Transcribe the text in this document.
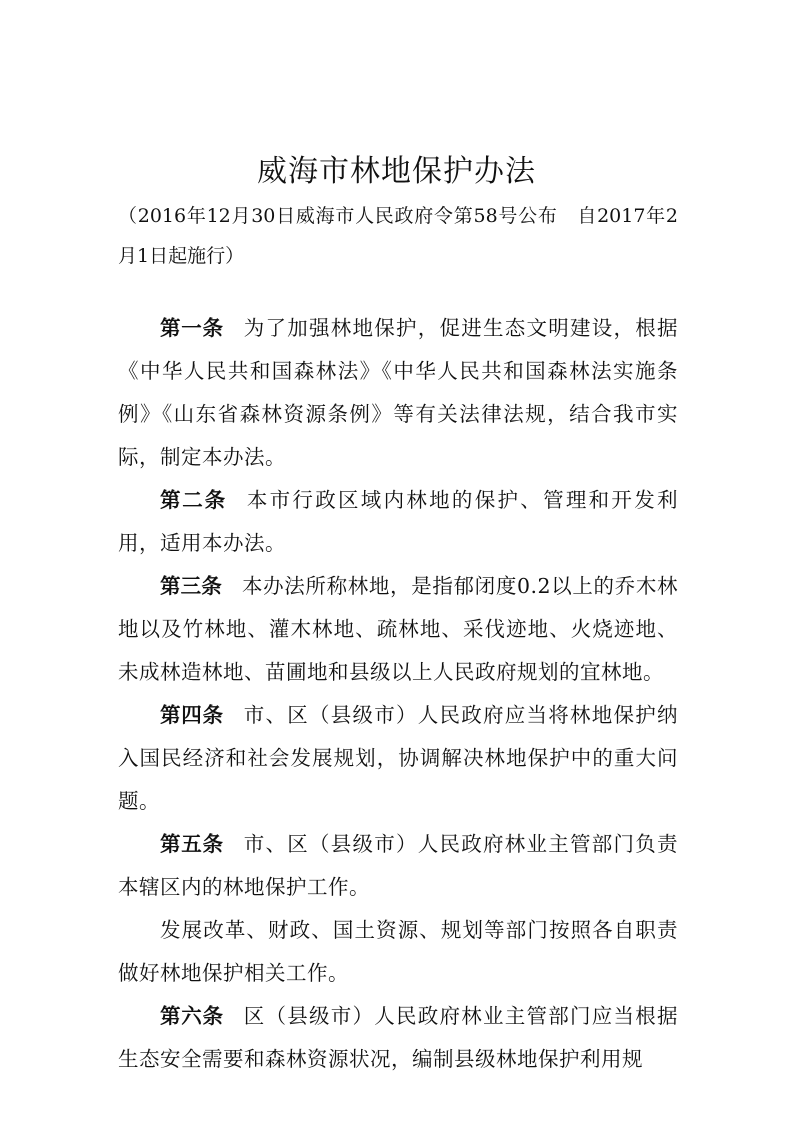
威海市林地保护办法

（2016年12月30日威海市人民政府令第58号公布　自2017年2月1日起施行）

第一条 为了加强林地保护，促进生态文明建设，根据《中华人民共和国森林法》《中华人民共和国森林法实施条例》《山东省森林资源条例》等有关法律法规，结合我市实际，制定本办法。

第二条 本市行政区域内林地的保护、管理和开发利用，适用本办法。

第三条 本办法所称林地，是指郁闭度0.2以上的乔木林地以及竹林地、灌木林地、疏林地、采伐迹地、火烧迹地、未成林造林地、苗圃地和县级以上人民政府规划的宜林地。

第四条 市、区（县级市）人民政府应当将林地保护纳入国民经济和社会发展规划，协调解决林地保护中的重大问题。

第五条 市、区（县级市）人民政府林业主管部门负责本辖区内的林地保护工作。

发展改革、财政、国土资源、规划等部门按照各自职责做好林地保护相关工作。

第六条 区（县级市）人民政府林业主管部门应当根据生态安全需要和森林资源状况，编制县级林地保护利用规
